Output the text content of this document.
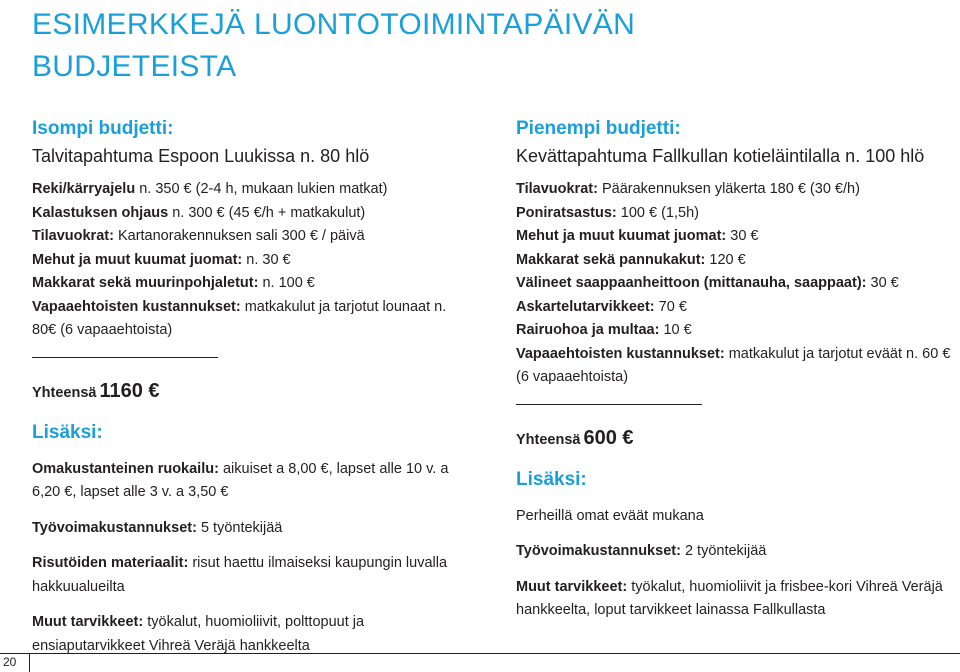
ESIMERKKEJÄ LUONTOTOIMINTAPÄIVÄN BUDJETEISTA
Isompi budjetti:
Talvitapahtuma Espoon Luukissa n. 80 hlö

Reki/kärryajelu n. 350 € (2-4 h, mukaan lukien matkat)

Kalastuksen ohjaus n. 300 € (45 €/h + matkakulut)

Tilavuokrat: Kartanorakennuksen sali 300 € / päivä

Mehut ja muut kuumat juomat: n. 30 €

Makkarat sekä muurinpohjaletut: n. 100 €

Vapaaehtoisten kustannukset: matkakulut ja tarjotut lounaat n. 80€ (6 vapaaehtoista)

Yhteensä 1160 €

Lisäksi:

Omakustanteinen ruokailu: aikuiset a 8,00 €, lapset alle 10 v. a 6,20 €, lapset alle 3 v. a 3,50 €

Työvoimakustannukset: 5 työntekijää

Risutöiden materiaalit: risut haettu ilmaiseksi kaupungin luvalla hakkuualueilta

Muut tarvikkeet: työkalut, huomioliivit, polttopuut ja ensiaputarvikkeet Vihreä Veräjä hankkeelta

Pienempi budjetti:
Kevättapahtuma Fallkullan kotieläintilalla n. 100 hlö

Tilavuokrat: Päärakennuksen yläkerta 180 € (30 €/h)

Poniratsastus: 100 € (1,5h)

Mehut ja muut kuumat juomat: 30 €

Makkarat sekä pannukakut: 120 €

Välineet saappaanheittoon (mittanauha, saappaat): 30 €

Askartelutarvikkeet: 70 €

Rairuohoa ja multaa: 10 €

Vapaaehtoisten kustannukset: matkakulut ja tarjotut eväät n. 60 € (6 vapaaehtoista)

Yhteensä 600 €

Lisäksi:

Perheillä omat eväät mukana

Työvoimakustannukset: 2 työntekijää

Muut tarvikkeet: työkalut, huomioliivit ja frisbee-kori Vihreä Veräjä hankkeelta, loput tarvikkeet lainassa Fallkullasta

20
